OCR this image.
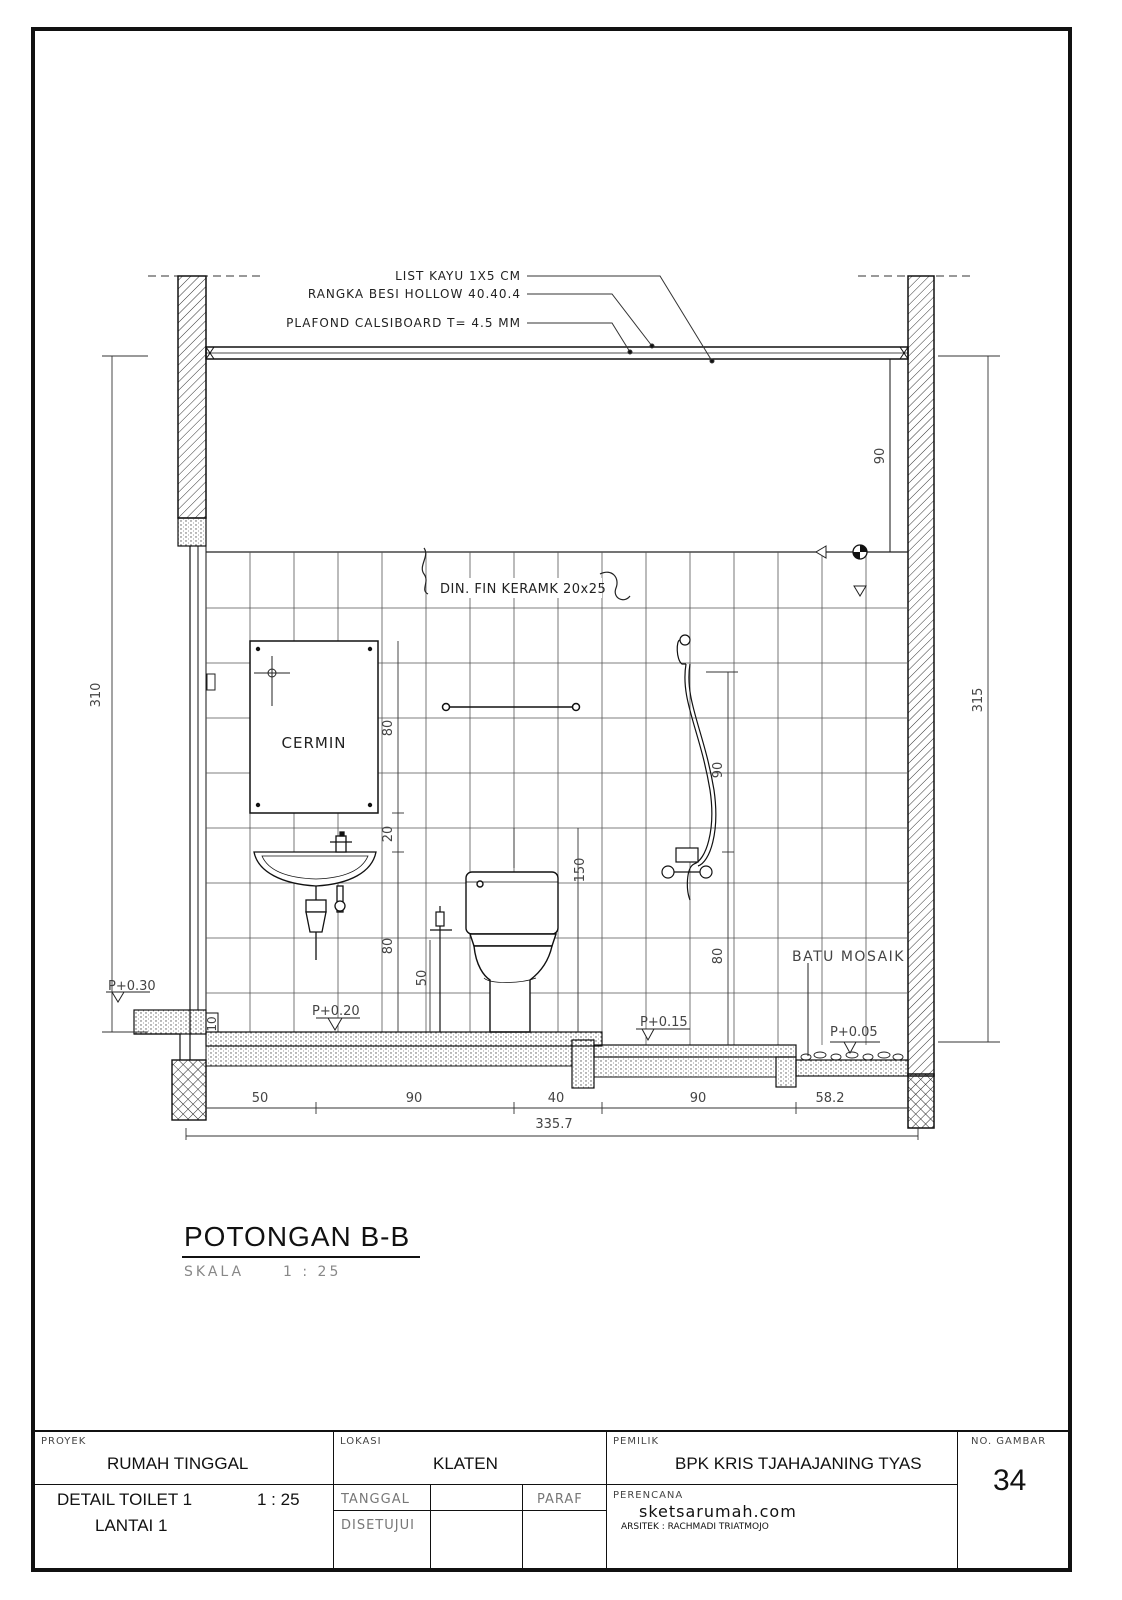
LIST KAYU 1X5 CM
RANGKA BESI HOLLOW 40.40.4
PLAFOND CALSIBOARD T= 4.5 MM
DIN. FIN KERAMK 20x25
CERMIN
BATU MOSAIK
P+0.30
P+0.20
P+0.15
P+0.05
310	315
90
80
20
80
150
50
90
80
10
50	90	40	90	58.2
335.7
POTONGAN B-B
SKALA	1 : 25
PROYEK
RUMAH TINGGAL
LOKASI
KLATEN
PEMILIK
BPK KRIS TJAHAJANING TYAS
NO. GAMBAR
34
DETAIL TOILET 1	1 : 25
LANTAI 1
TANGGAL
DISETUJUI
PARAF	PERENCANA
sketsarumah.com
ARSITEK : RACHMADI TRIATMOJO
